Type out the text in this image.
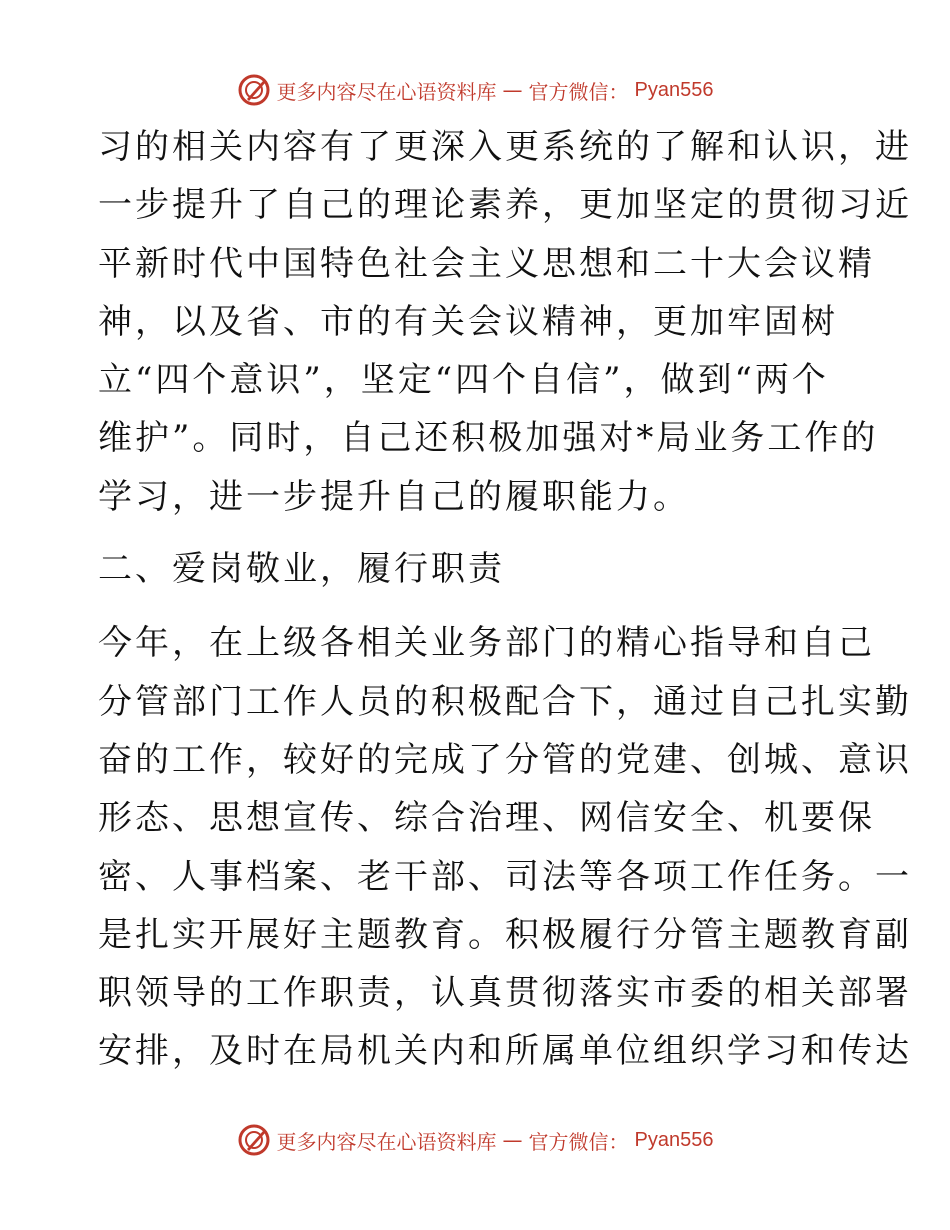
更多内容尽在心语资料库 — 官方微信： Pyan556
习的相关内容有了更深入更系统的了解和认识，进
一步提升了自己的理论素养，更加坚定的贯彻习近
平新时代中国特色社会主义思想和二十大会议精
神，以及省、市的有关会议精神，更加牢固树
立“四个意识”，坚定“四个自信”，做到“两个
维护”。同时，自己还积极加强对*局业务工作的
学习，进一步提升自己的履职能力。
二、爱岗敬业，履行职责
今年，在上级各相关业务部门的精心指导和自己
分管部门工作人员的积极配合下，通过自己扎实勤
奋的工作，较好的完成了分管的党建、创城、意识
形态、思想宣传、综合治理、网信安全、机要保
密、人事档案、老干部、司法等各项工作任务。一
是扎实开展好主题教育。积极履行分管主题教育副
职领导的工作职责，认真贯彻落实市委的相关部署
安排，及时在局机关内和所属单位组织学习和传达
更多内容尽在心语资料库 — 官方微信： Pyan556
